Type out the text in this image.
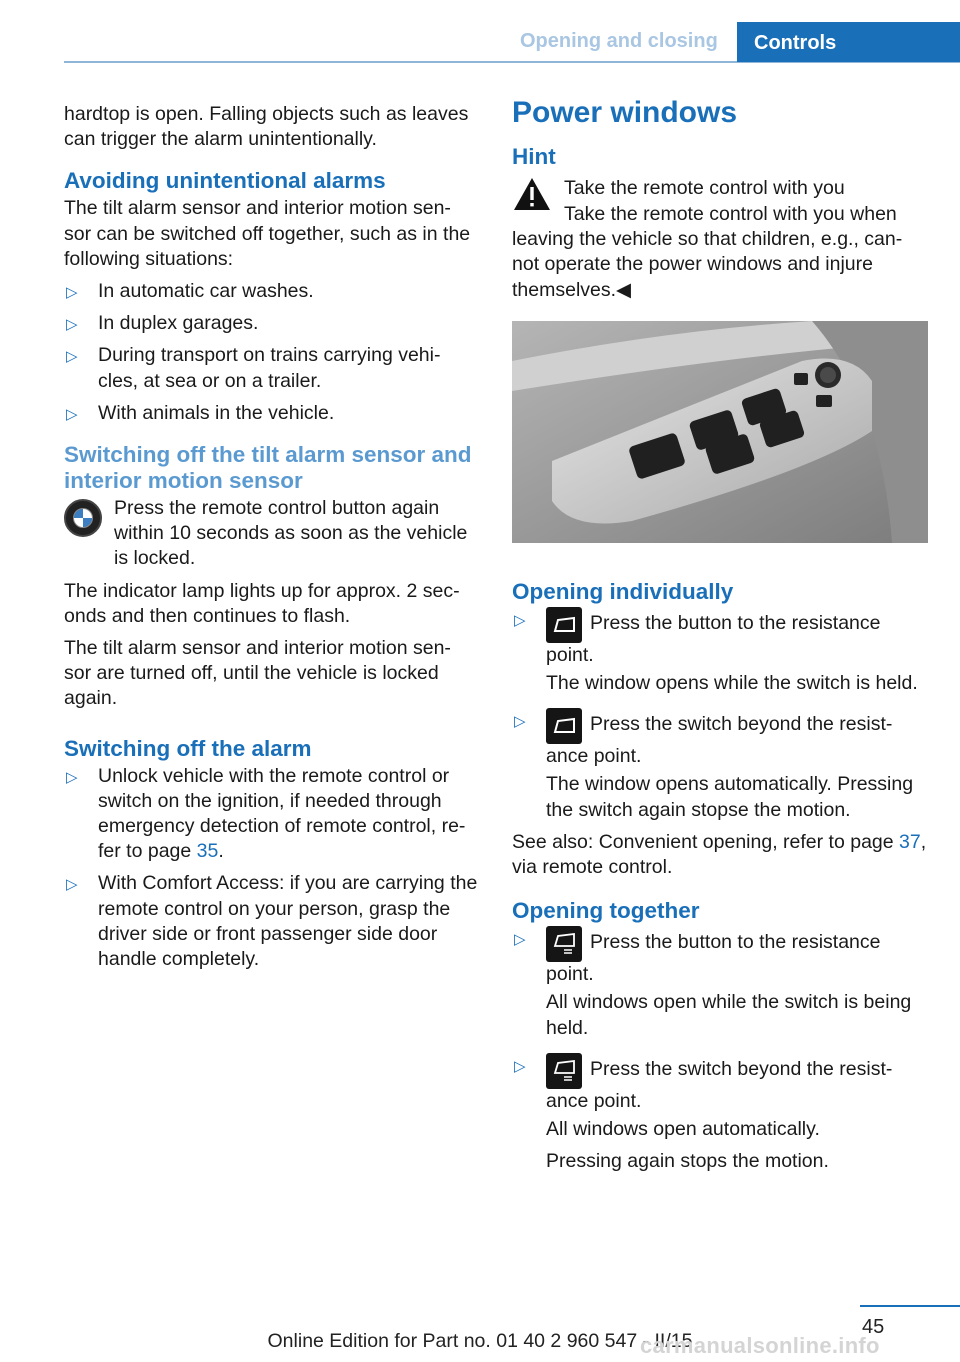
Opening and closing	Controls

hardtop is open. Falling objects such as leaves can trigger the alarm unintentionally.

Avoiding unintentional alarms

The tilt alarm sensor and interior motion sen‐ sor can be switched off together, such as in the following situations:

▷ In automatic car washes.
▷ In duplex garages.
▷ During transport on trains carrying vehi‐ cles, at sea or on a trailer.
▷ With animals in the vehicle.
Switching off the tilt alarm sensor and interior motion sensor

Press the remote control button again within 10 seconds as soon as the vehicle is locked.

The indicator lamp lights up for approx. 2 sec‐ onds and then continues to flash.

The tilt alarm sensor and interior motion sen‐ sor are turned off, until the vehicle is locked again.

Switching off the alarm
▷ Unlock vehicle with the remote control or switch on the ignition, if needed through emergency detection of remote control, re‐ fer to page 35.
▷ With Comfort Access: if you are carrying the remote control on your person, grasp the driver side or front passenger side door handle completely.
Power windows
Hint

Take the remote control with you

Take the remote control with you when leaving the vehicle so that children, e.g., can‐ not operate the power windows and injure themselves.◀

Opening individually
▷	Press the button to the resistance point.
The window opens while the switch is held.
▷	Press the switch beyond the resist‐ ance point.
The window opens automatically. Pressing the switch again stopse the motion.

See also: Convenient opening, refer to page 37, via remote control.

Opening together
▷	Press the button to the resistance point.
All windows open while the switch is being held.
▷	Press the switch beyond the resist‐ ance point.
All windows open automatically.
Pressing again stops the motion.
45
Online Edition for Part no. 01 40 2 960 547 - II/15
carmanualsonline.info
